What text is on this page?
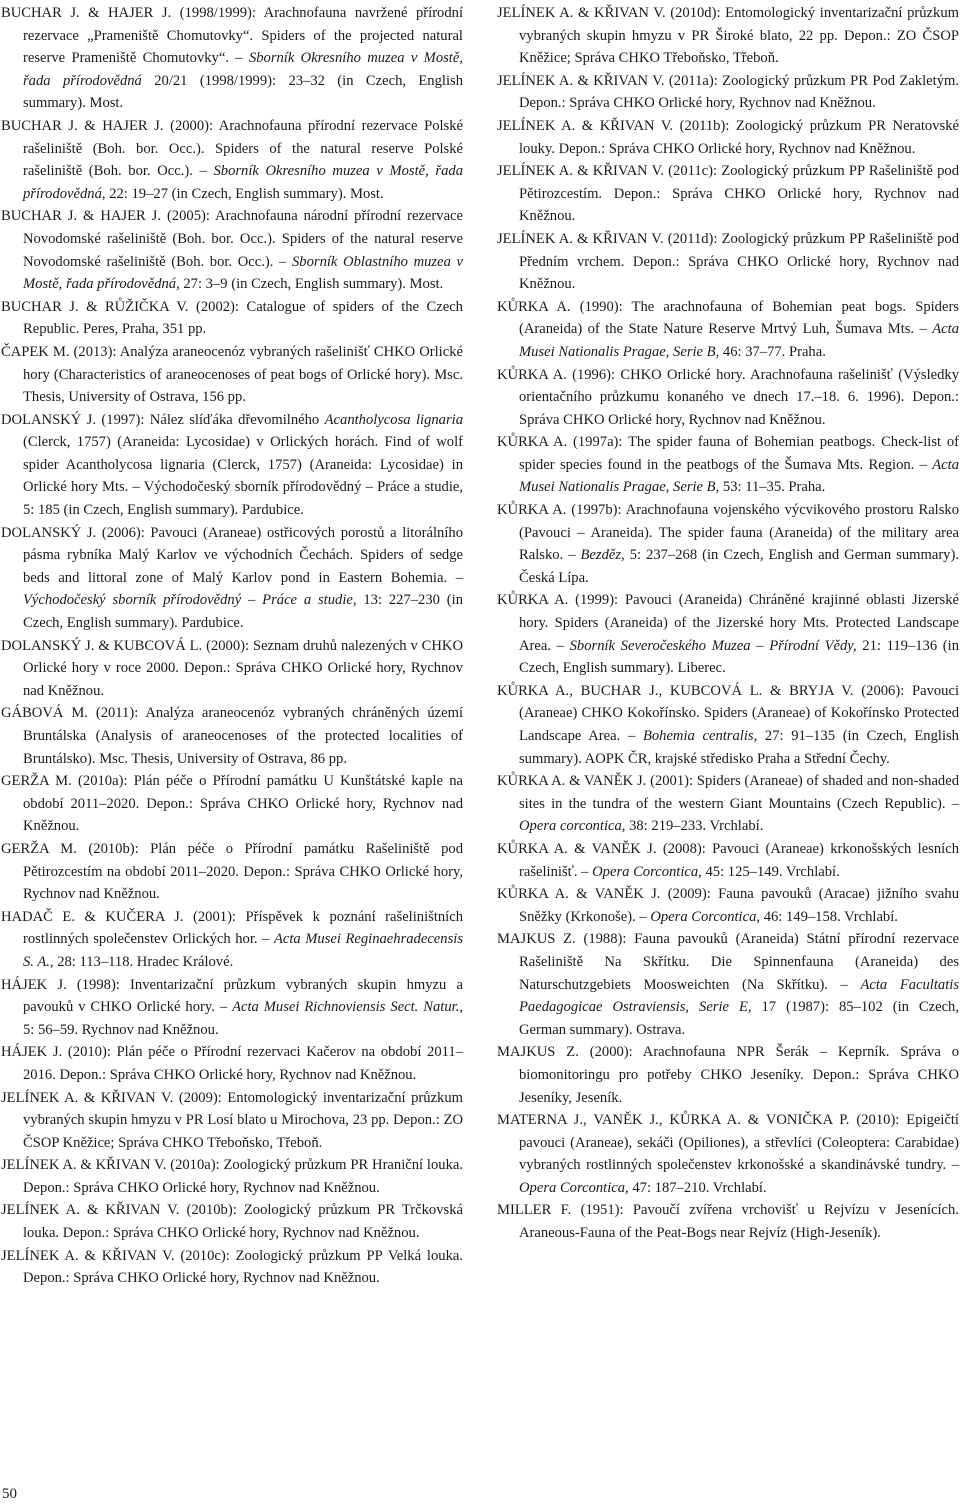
BUCHAR J. & HAJER J. (1998/1999): Arachnofauna navržené přírodní rezervace „Prameniště Chomutovky“. Spiders of the projected natural reserve Prameniště Chomutovky“. – Sborník Okresního muzea v Mostě, řada přírodovědná 20/21 (1998/1999): 23–32 (in Czech, English summary). Most.

BUCHAR J. & HAJER J. (2000): Arachnofauna přírodní rezervace Polské rašeliniště (Boh. bor. Occ.). Spiders of the natural reserve Polské rašeliniště (Boh. bor. Occ.). – Sborník Okresního muzea v Mostě, řada přírodovědná, 22: 19–27 (in Czech, English summary). Most.

BUCHAR J. & HAJER J. (2005): Arachnofauna národní přírodní rezervace Novodomské rašeliniště (Boh. bor. Occ.). Spiders of the natural reserve Novodomské rašeliniště (Boh. bor. Occ.). – Sborník Oblastního muzea v Mostě, řada přírodovědná, 27: 3–9 (in Czech, English summary). Most.

BUCHAR J. & RŮŽIČKA V. (2002): Catalogue of spiders of the Czech Republic. Peres, Praha, 351 pp.

ČAPEK M. (2013): Analýza araneocenóz vybraných rašelinišť CHKO Orlické hory (Characteristics of araneocenoses of peat bogs of Orlické hory). Msc. Thesis, University of Ostrava, 156 pp.

DOLANSKÝ J. (1997): Nález slíďáka dřevomilného Acantholycosa lignaria (Clerck, 1757) (Araneida: Lycosidae) v Orlických horách. Find of wolf spider Acantholycosa lignaria (Clerck, 1757) (Araneida: Lycosidae) in Orlické hory Mts. – Východočeský sborník přírodovědný – Práce a studie, 5: 185 (in Czech, English summary). Pardubice.

DOLANSKÝ J. (2006): Pavouci (Araneae) ostřicových porostů a litorálního pásma rybníka Malý Karlov ve východních Čechách. Spiders of sedge beds and littoral zone of Malý Karlov pond in Eastern Bohemia. – Východočeský sborník přírodovědný – Práce a studie, 13: 227–230 (in Czech, English summary). Pardubice.

DOLANSKÝ J. & KUBCOVÁ L. (2000): Seznam druhů nalezených v CHKO Orlické hory v roce 2000. Depon.: Správa CHKO Orlické hory, Rychnov nad Kněžnou.

GÁBOVÁ M. (2011): Analýza araneocenóz vybraných chráněných území Bruntálska (Analysis of araneocenoses of the protected localities of Bruntálsko). Msc. Thesis, University of Ostrava, 86 pp.

GERŽA M. (2010a): Plán péče o Přírodní památku U Kunštátské kaple na období 2011–2020. Depon.: Správa CHKO Orlické hory, Rychnov nad Kněžnou.

GERŽA M. (2010b): Plán péče o Přírodní památku Rašeliniště pod Pětirozcestím na období 2011–2020. Depon.: Správa CHKO Orlické hory, Rychnov nad Kněžnou.

HADAČ E. & KUČERA J. (2001): Příspěvek k poznání rašeliništních rostlinných společenstev Orlických hor. – Acta Musei Reginaehradecensis S. A., 28: 113–118. Hradec Králové.

HÁJEK J. (1998): Inventarizační průzkum vybraných skupin hmyzu a pavouků v CHKO Orlické hory. – Acta Musei Richnoviensis Sect. Natur., 5: 56–59. Rychnov nad Kněžnou.

HÁJEK J. (2010): Plán péče o Přírodní rezervaci Kačerov na období 2011–2016. Depon.: Správa CHKO Orlické hory, Rychnov nad Kněžnou.

JELÍNEK A. & KŘIVAN V. (2009): Entomologický inventarizační průzkum vybraných skupin hmyzu v PR Losí blato u Mirochova, 23 pp. Depon.: ZO ČSOP Kněžice; Správa CHKO Třeboňsko, Třeboň.

JELÍNEK A. & KŘIVAN V. (2010a): Zoologický průzkum PR Hraniční louka. Depon.: Správa CHKO Orlické hory, Rychnov nad Kněžnou.

JELÍNEK A. & KŘIVAN V. (2010b): Zoologický průzkum PR Trčkovská louka. Depon.: Správa CHKO Orlické hory, Rychnov nad Kněžnou.

JELÍNEK A. & KŘIVAN V. (2010c): Zoologický průzkum PP Velká louka. Depon.: Správa CHKO Orlické hory, Rychnov nad Kněžnou.

JELÍNEK A. & KŘIVAN V. (2010d): Entomologický inventarizační průzkum vybraných skupin hmyzu v PR Široké blato, 22 pp. Depon.: ZO ČSOP Kněžice; Správa CHKO Třeboňsko, Třeboň.

JELÍNEK A. & KŘIVAN V. (2011a): Zoologický průzkum PR Pod Zakletým. Depon.: Správa CHKO Orlické hory, Rychnov nad Kněžnou.

JELÍNEK A. & KŘIVAN V. (2011b): Zoologický průzkum PR Neratovské louky. Depon.: Správa CHKO Orlické hory, Rychnov nad Kněžnou.

JELÍNEK A. & KŘIVAN V. (2011c): Zoologický průzkum PP Rašeliniště pod Pětirozcestím. Depon.: Správa CHKO Orlické hory, Rychnov nad Kněžnou.

JELÍNEK A. & KŘIVAN V. (2011d): Zoologický průzkum PP Rašeliniště pod Předním vrchem. Depon.: Správa CHKO Orlické hory, Rychnov nad Kněžnou.

KŮRKA A. (1990): The arachnofauna of Bohemian peat bogs. Spiders (Araneida) of the State Nature Reserve Mrtvý Luh, Šumava Mts. – Acta Musei Nationalis Pragae, Serie B, 46: 37–77. Praha.

KŮRKA A. (1996): CHKO Orlické hory. Arachnofauna rašelinišť (Výsledky orientačního průzkumu konaného ve dnech 17.–18. 6. 1996). Depon.: Správa CHKO Orlické hory, Rychnov nad Kněžnou.

KŮRKA A. (1997a): The spider fauna of Bohemian peatbogs. Check-list of spider species found in the peatbogs of the Šumava Mts. Region. – Acta Musei Nationalis Pragae, Serie B, 53: 11–35. Praha.

KŮRKA A. (1997b): Arachnofauna vojenského výcvikového prostoru Ralsko (Pavouci – Araneida). The spider fauna (Araneida) of the military area Ralsko. – Bezděz, 5: 237–268 (in Czech, English and German summary). Česká Lípa.

KŮRKA A. (1999): Pavouci (Araneida) Chráněné krajinné oblasti Jizerské hory. Spiders (Araneida) of the Jizerské hory Mts. Protected Landscape Area. – Sborník Severočeského Muzea – Přírodní Vědy, 21: 119–136 (in Czech, English summary). Liberec.

KŮRKA A., BUCHAR J., KUBCOVÁ L. & BRYJA V. (2006): Pavouci (Araneae) CHKO Kokořínsko. Spiders (Araneae) of Kokořínsko Protected Landscape Area. – Bohemia centralis, 27: 91–135 (in Czech, English summary). AOPK ČR, krajské středisko Praha a Střední Čechy.

KŮRKA A. & VANĚK J. (2001): Spiders (Araneae) of shaded and non-shaded sites in the tundra of the western Giant Mountains (Czech Republic). – Opera corcontica, 38: 219–233. Vrchlabí.

KŮRKA A. & VANĚK J. (2008): Pavouci (Araneae) krkonošských lesních rašelinišť. – Opera Corcontica, 45: 125–149. Vrchlabí.

KŮRKA A. & VANĚK J. (2009): Fauna pavouků (Aracae) jižního svahu Sněžky (Krkonoše). – Opera Corcontica, 46: 149–158. Vrchlabí.

MAJKUS Z. (1988): Fauna pavouků (Araneida) Státní přírodní rezervace Rašeliniště Na Skřítku. Die Spinnenfauna (Araneida) des Naturschutzgebiets Moosweichten (Na Skřítku). – Acta Facultatis Paedagogicae Ostraviensis, Serie E, 17 (1987): 85–102 (in Czech, German summary). Ostrava.

MAJKUS Z. (2000): Arachnofauna NPR Šerák – Keprník. Správa o biomonitoringu pro potřeby CHKO Jeseníky. Depon.: Správa CHKO Jeseníky, Jeseník.

MATERNA J., VANĚK J., KŮRKA A. & VONIČKA P. (2010): Epigeičtí pavouci (Araneae), sekáči (Opiliones), a střevlíci (Coleoptera: Carabidae) vybraných rostlinných společenstev krkonošské a skandinávské tundry. – Opera Corcontica, 47: 187–210. Vrchlabí.

MILLER F. (1951): Pavoučí zvířena vrchovišť u Rejvízu v Jesenících. Araneous-Fauna of the Peat-Bogs near Rejvíz (High-Jeseník).

50
